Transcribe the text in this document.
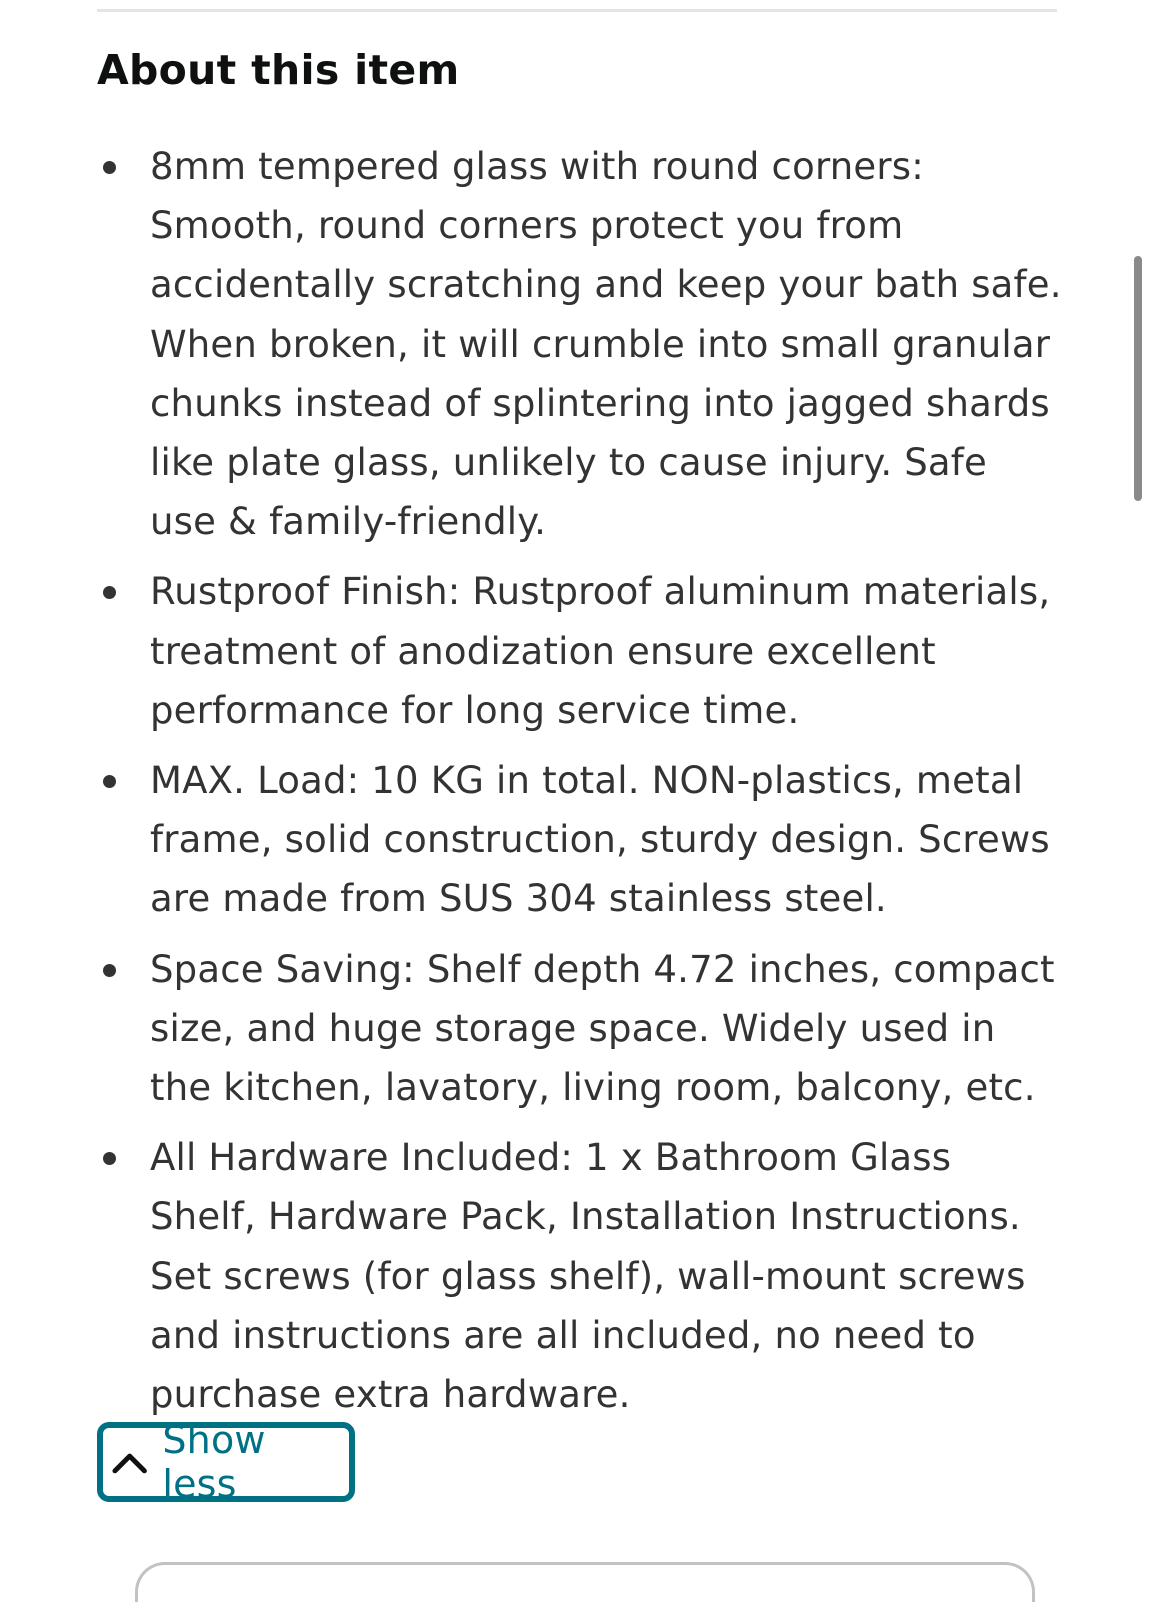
About this item
8mm tempered glass with round corners: Smooth, round corners protect you from accidentally scratching and keep your bath safe. When broken, it will crumble into small granular chunks instead of splintering into jagged shards like plate glass, unlikely to cause injury. Safe use & family-friendly.
Rustproof Finish: Rustproof aluminum materials, treatment of anodization ensure excellent performance for long service time.
MAX. Load: 10 KG in total. NON-plastics, metal frame, solid construction, sturdy design. Screws are made from SUS 304 stainless steel.
Space Saving: Shelf depth 4.72 inches, compact size, and huge storage space. Widely used in the kitchen, lavatory, living room, balcony, etc.
All Hardware Included: 1 x Bathroom Glass Shelf, Hardware Pack, Installation Instructions. Set screws (for glass shelf), wall-mount screws and instructions are all included, no need to purchase extra hardware.
Show less
